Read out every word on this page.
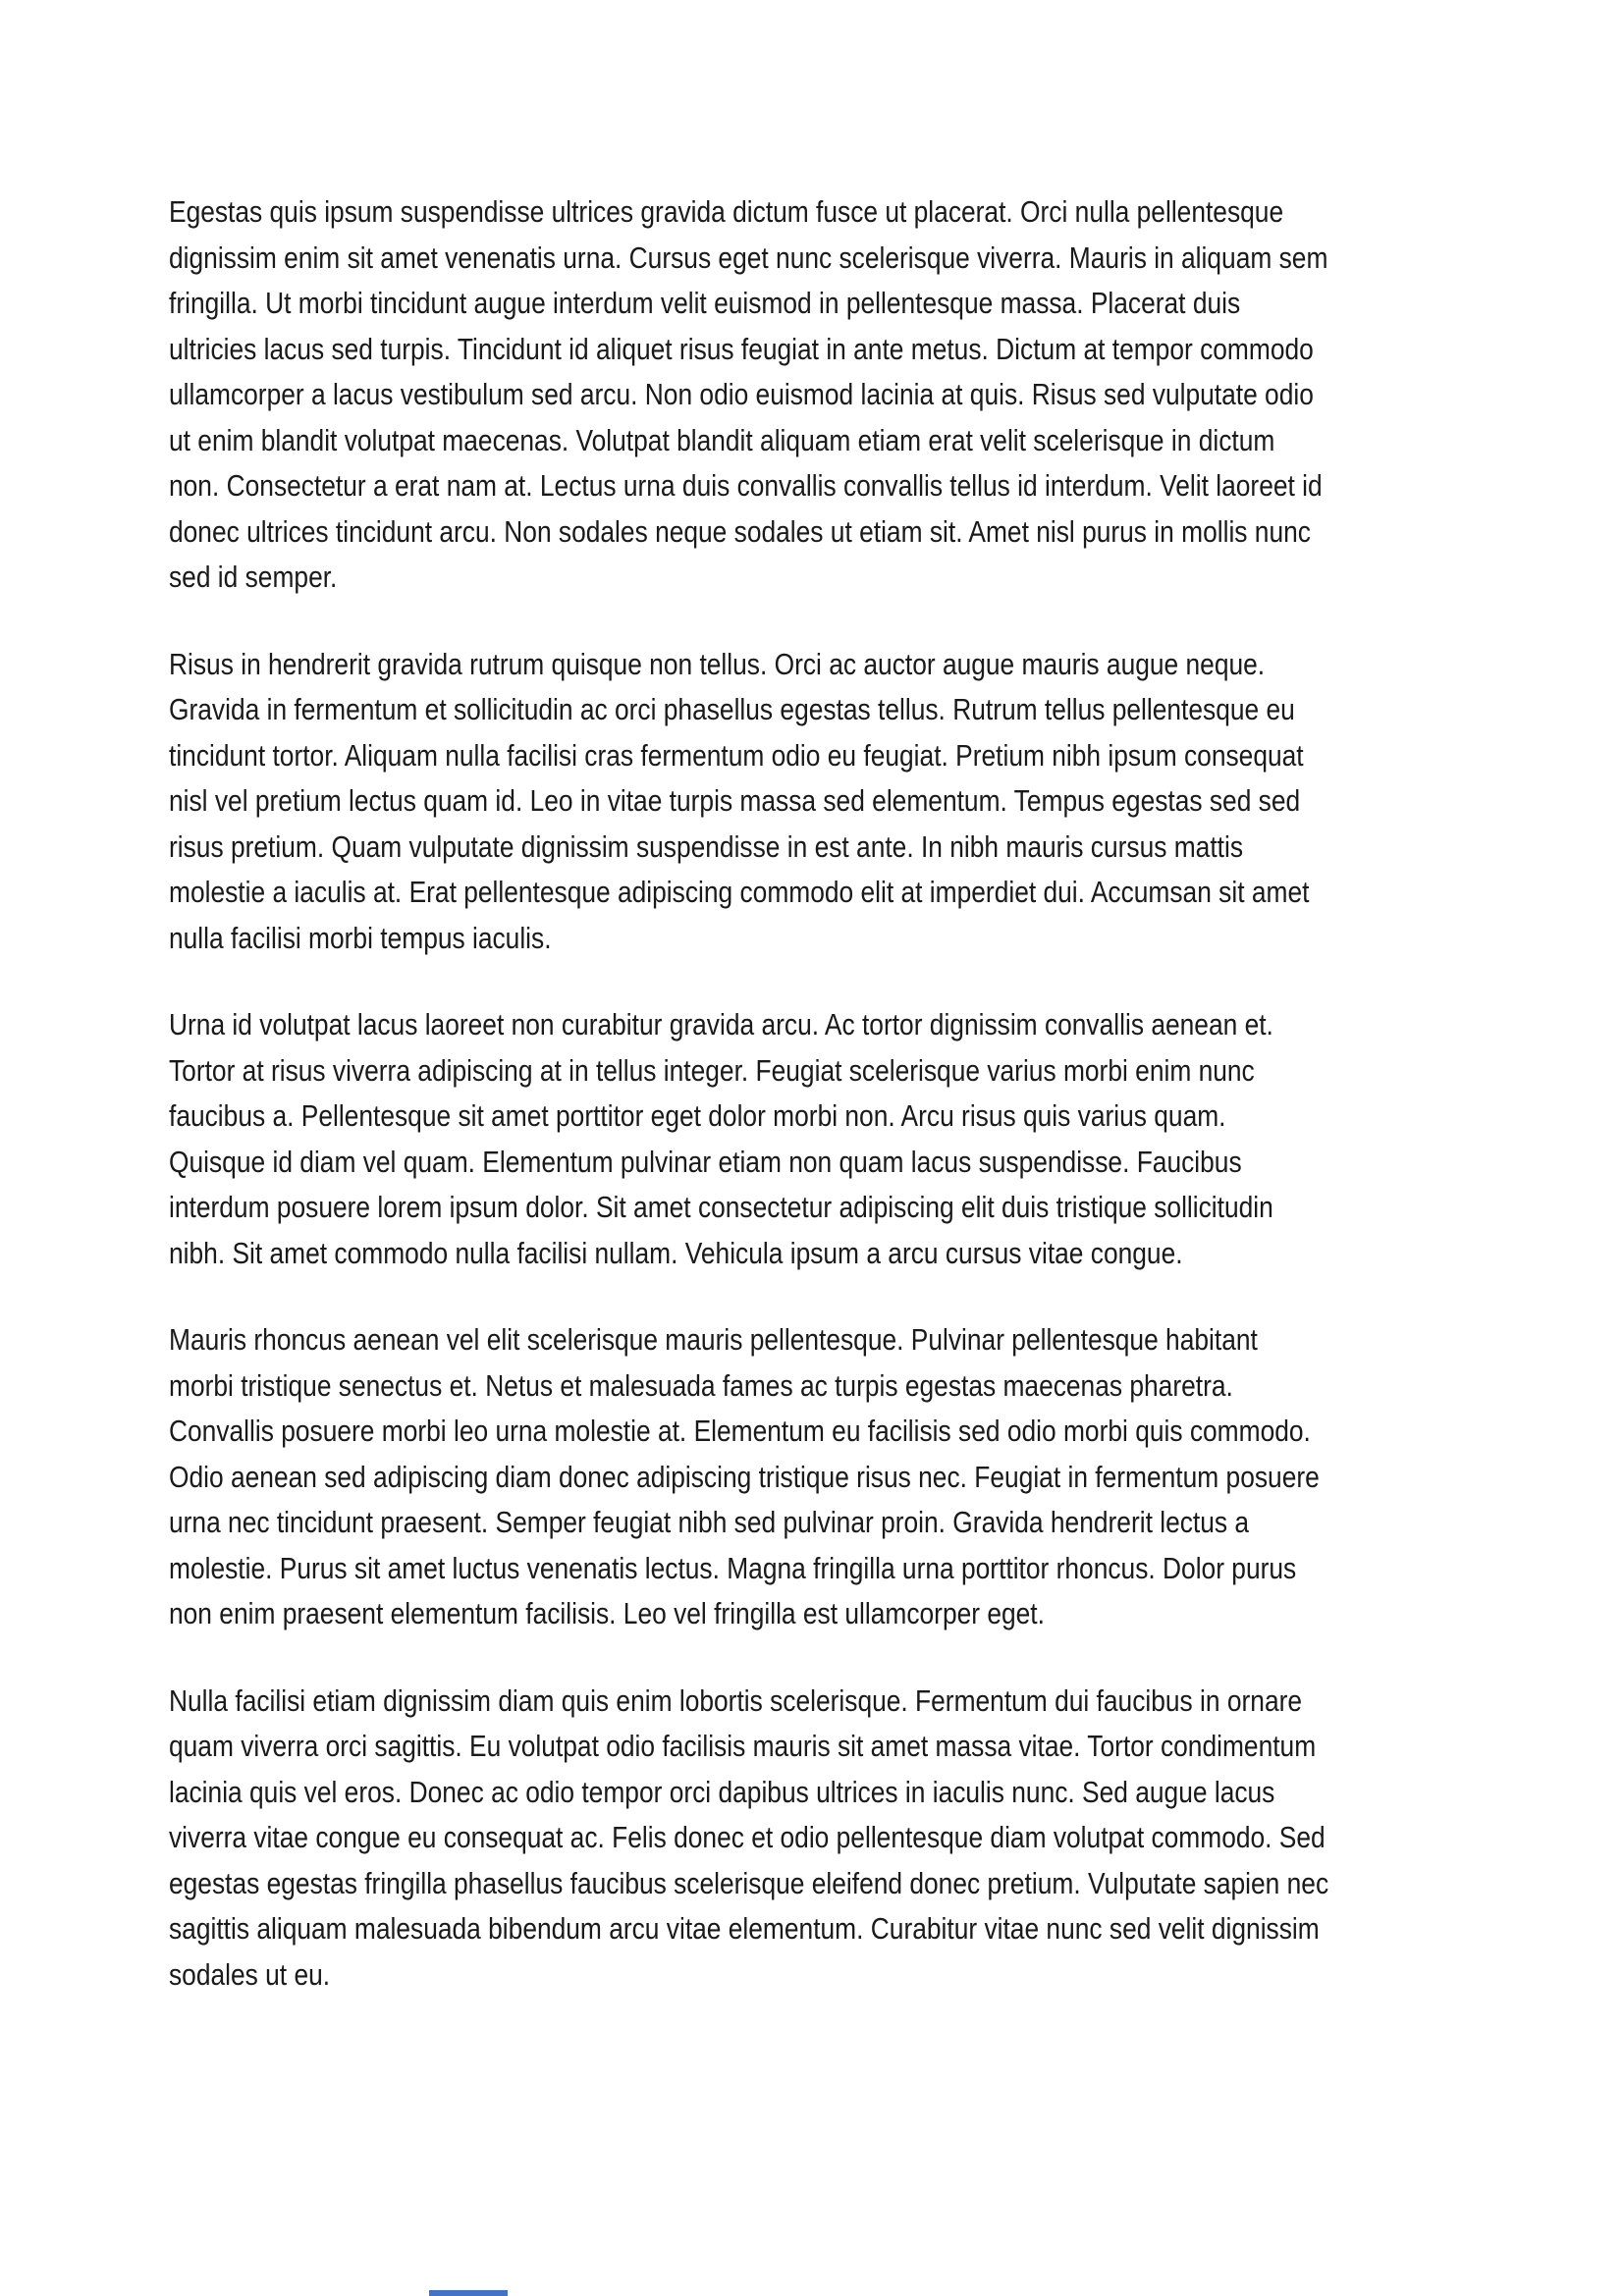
Egestas quis ipsum suspendisse ultrices gravida dictum fusce ut placerat. Orci nulla pellentesque
dignissim enim sit amet venenatis urna. Cursus eget nunc scelerisque viverra. Mauris in aliquam sem
fringilla. Ut morbi tincidunt augue interdum velit euismod in pellentesque massa. Placerat duis
ultricies lacus sed turpis. Tincidunt id aliquet risus feugiat in ante metus. Dictum at tempor commodo
ullamcorper a lacus vestibulum sed arcu. Non odio euismod lacinia at quis. Risus sed vulputate odio
ut enim blandit volutpat maecenas. Volutpat blandit aliquam etiam erat velit scelerisque in dictum
non. Consectetur a erat nam at. Lectus urna duis convallis convallis tellus id interdum. Velit laoreet id
donec ultrices tincidunt arcu. Non sodales neque sodales ut etiam sit. Amet nisl purus in mollis nunc
sed id semper.

Risus in hendrerit gravida rutrum quisque non tellus. Orci ac auctor augue mauris augue neque.
Gravida in fermentum et sollicitudin ac orci phasellus egestas tellus. Rutrum tellus pellentesque eu
tincidunt tortor. Aliquam nulla facilisi cras fermentum odio eu feugiat. Pretium nibh ipsum consequat
nisl vel pretium lectus quam id. Leo in vitae turpis massa sed elementum. Tempus egestas sed sed
risus pretium. Quam vulputate dignissim suspendisse in est ante. In nibh mauris cursus mattis
molestie a iaculis at. Erat pellentesque adipiscing commodo elit at imperdiet dui. Accumsan sit amet
nulla facilisi morbi tempus iaculis.

Urna id volutpat lacus laoreet non curabitur gravida arcu. Ac tortor dignissim convallis aenean et.
Tortor at risus viverra adipiscing at in tellus integer. Feugiat scelerisque varius morbi enim nunc
faucibus a. Pellentesque sit amet porttitor eget dolor morbi non. Arcu risus quis varius quam.
Quisque id diam vel quam. Elementum pulvinar etiam non quam lacus suspendisse. Faucibus
interdum posuere lorem ipsum dolor. Sit amet consectetur adipiscing elit duis tristique sollicitudin
nibh. Sit amet commodo nulla facilisi nullam. Vehicula ipsum a arcu cursus vitae congue.

Mauris rhoncus aenean vel elit scelerisque mauris pellentesque. Pulvinar pellentesque habitant
morbi tristique senectus et. Netus et malesuada fames ac turpis egestas maecenas pharetra.
Convallis posuere morbi leo urna molestie at. Elementum eu facilisis sed odio morbi quis commodo.
Odio aenean sed adipiscing diam donec adipiscing tristique risus nec. Feugiat in fermentum posuere
urna nec tincidunt praesent. Semper feugiat nibh sed pulvinar proin. Gravida hendrerit lectus a
molestie. Purus sit amet luctus venenatis lectus. Magna fringilla urna porttitor rhoncus. Dolor purus
non enim praesent elementum facilisis. Leo vel fringilla est ullamcorper eget.

Nulla facilisi etiam dignissim diam quis enim lobortis scelerisque. Fermentum dui faucibus in ornare
quam viverra orci sagittis. Eu volutpat odio facilisis mauris sit amet massa vitae. Tortor condimentum
lacinia quis vel eros. Donec ac odio tempor orci dapibus ultrices in iaculis nunc. Sed augue lacus
viverra vitae congue eu consequat ac. Felis donec et odio pellentesque diam volutpat commodo. Sed
egestas egestas fringilla phasellus faucibus scelerisque eleifend donec pretium. Vulputate sapien nec
sagittis aliquam malesuada bibendum arcu vitae elementum. Curabitur vitae nunc sed velit dignissim
sodales ut eu.
